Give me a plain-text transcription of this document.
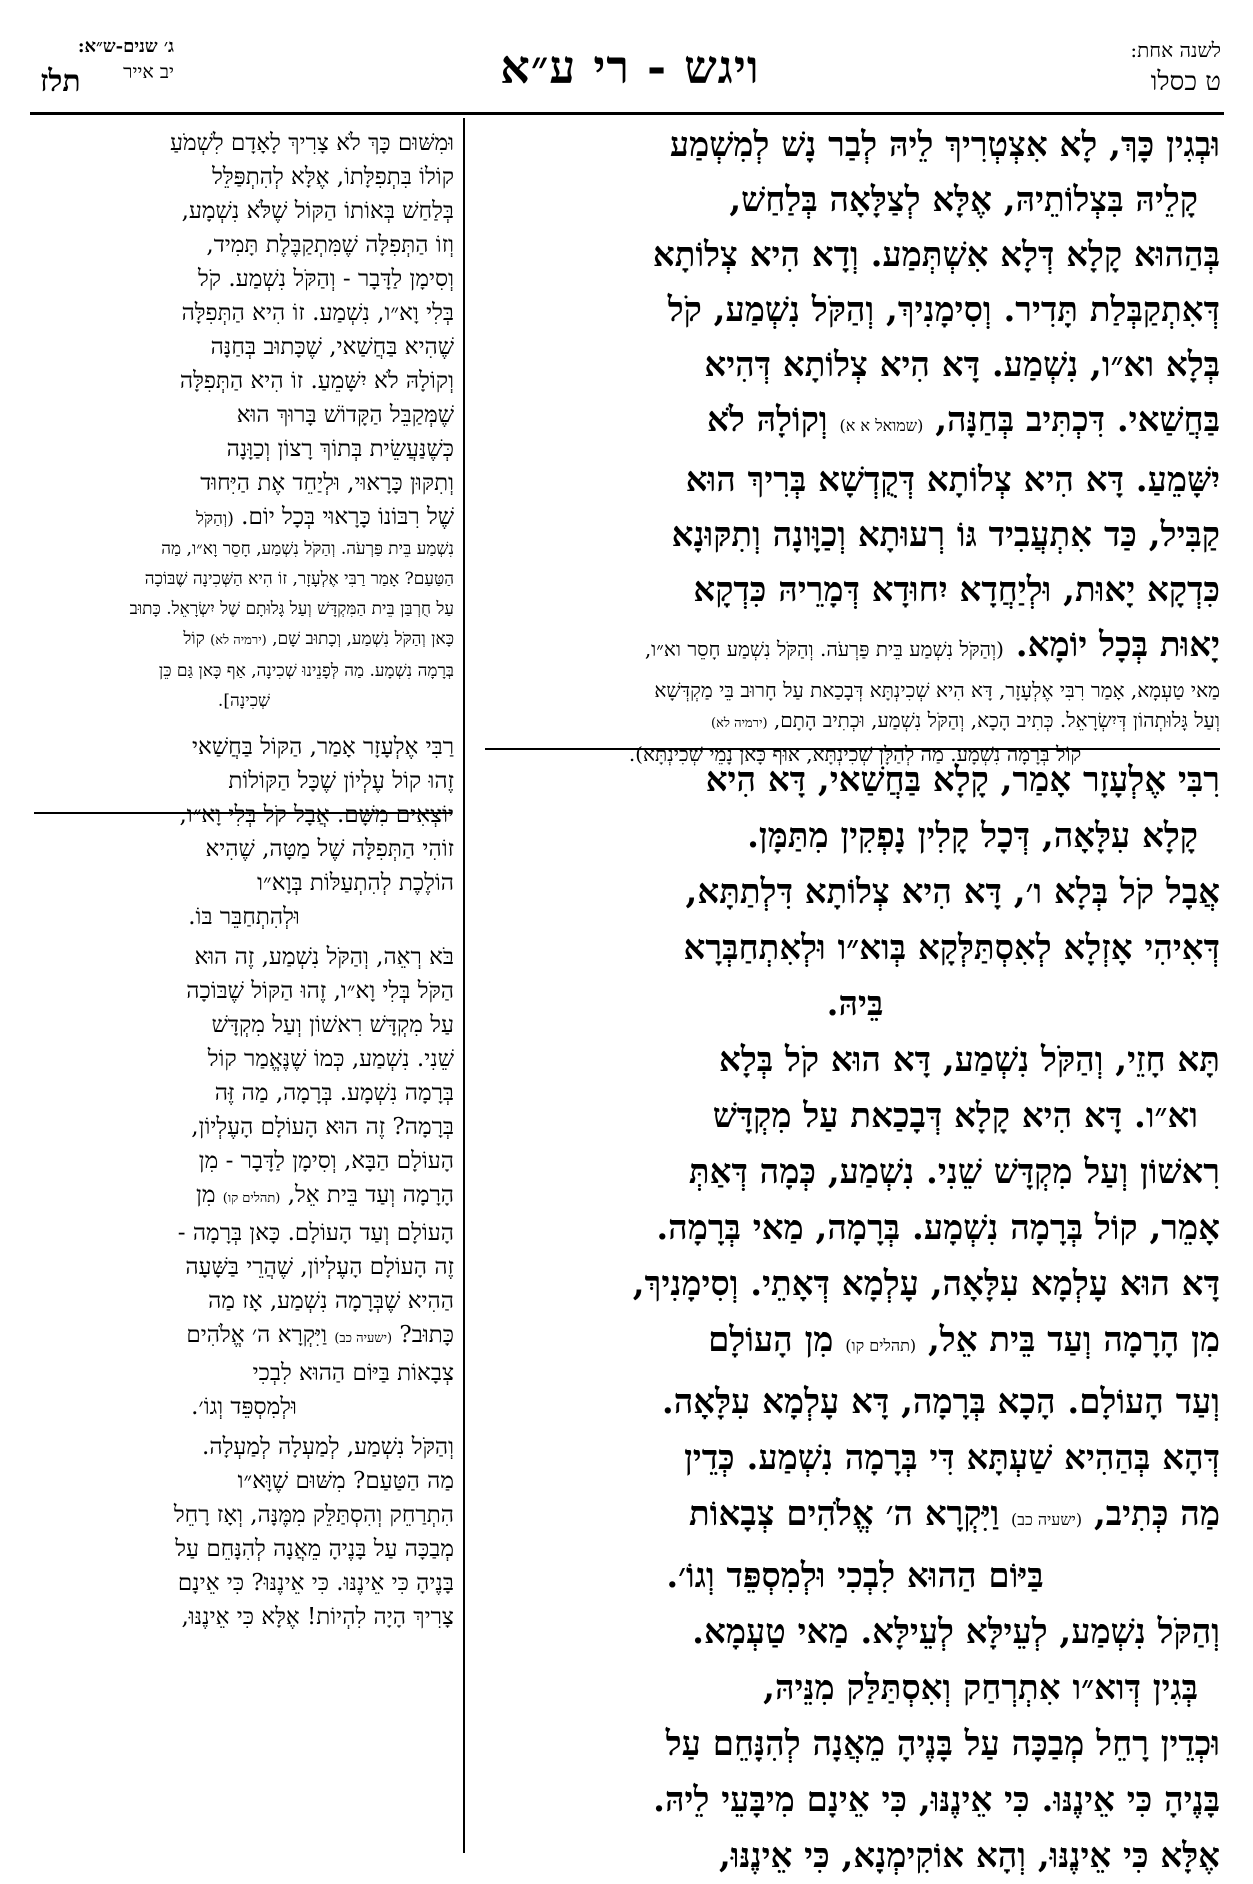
תלז
ג׳ שנים-ש״א:
יב אייר	ויגש - רי ע״א	לשנה אחת:
ט כסלו

וּבְגִין כָּךְ, לָא אִצְטְרִיךְ לֵיהּ לְבַר נָשׁ לְמִשְׁמַע

קָלֵיהּ בִּצְלוֹתֵיהּ, אֶלָּא לְצַלָּאָה בְּלַחַשׁ,

בְּהַהוּא קָלָא דְּלָא אִשְׁתְּמַע. וְדָא הִיא צְלוֹתָא

דְּאִתְקַבְּלַת תָּדִיר. וְסִימָנִיךְ, וְהַקֹּל נִשְׁמַע, קֹל

בְּלָא וא״ו, נִשְׁמַע. דָּא הִיא צְלוֹתָא דְּהִיא

בַּחֲשַׁאי. דִּכְתִּיב בְּחַנָּה, (שמואל א א) וְקוֹלָהּ לֹא

יִשָּׁמֵעַ. דָּא הִיא צְלוֹתָא דְּקֻדְשָׁא בְּרִיךְ הוּא

קַבִּיל, כַּד אִתְעֲבִיד גּוֹ רְעוּתָא וְכַוָּונָה וְתִקּוּנָא

כִּדְקָא יָאוּת, וּלְיַחֲדָא יִחוּדָא דְּמָרֵיהּ כִּדְקָא

יָאוּת בְּכָל יוֹמָא. (וְהַקֹּל נִשְׁמַע בֵּית פַּרְעֹה. וְהַקֹּל נִשְׁמַע חָסֵר וא״ו,

מַאי טַעְמָא, אָמַר רִבִּי אֶלְעָזָר, דָּא הִיא שְׁכִינְתָּא דְּבָכַאת עַל חָרוּב בֵּי מַקְדְּשָׁא
וְעַל גָּלוּתְהוֹן דְּיִשְׂרָאֵל. כְּתִיב הָכָא, וְהַקֹּל נִשְׁמַע, וּכְתִיב הָתָם, (ירמיה לא)
קוֹל בְּרָמָה נִשְׁמָע. מַה לְהַלָּן שְׁכִינְתָּא, אוּף כָּאן נָמֵי שְׁכִינְתָּא).

רִבִּי אֶלְעָזָר אָמַר, קָלָא בַּחֲשַׁאי, דָּא הִיא

קָלָא עִלָּאָה, דְּכָל קָלִין נָפְקִין מִתַּמָּן.

אֲבָל קֹל בְּלָא ו׳, דָּא הִיא צְלוֹתָא דִּלְתַתָּא,

דְּאִיהִי אָזְלָא לְאִסְתַּלְּקָא בְּוא״ו וּלְאִתְחַבְּרָא

בֵּיהּ.

תָּא חָזֵי, וְהַקֹּל נִשְׁמַע, דָּא הוּא קֹל בְּלָא

וא״ו. דָּא הִיא קָלָא דְּבָכַאת עַל מִקְדָּשׁ

רִאשׁוֹן וְעַל מִקְדָּשׁ שֵׁנִי. נִשְׁמַע, כְּמָה דְּאַתְּ

אָמֵר, קוֹל בְּרָמָה נִשְׁמָע. בְּרָמָה, מַאי בְּרָמָה.

דָּא הוּא עָלְמָא עִלָּאָה, עָלְמָא דְּאָתֵי. וְסִימָנִיךְ,

מִן הָרָמָה וְעַד בֵּית אֵל, (תהלים קו) מִן הָעוֹלָם

וְעַד הָעוֹלָם. הָכָא בְּרָמָה, דָּא עָלְמָא עִלָּאָה.

דְּהָא בְּהַהִיא שַׁעְתָּא דִּי בְּרָמָה נִשְׁמַע. כְּדֵין

מַה כְּתִיב, (ישעיה כב) וַיִּקְרָא ה׳ אֱלֹהִים צְבָאוֹת

בַּיּוֹם הַהוּא לִבְכִי וּלְמִסְפֵּד וְגוֹ׳.

וְהַקֹּל נִשְׁמַע, לְעֵילָּא לְעֵילָּא. מַאי טַעְמָא.

בְּגִין דְּוא״ו אִתְרְחַק וְאִסְתַּלַּק מִנֵּיהּ,

וּכְדֵין רָחֵל מְבַכָּה עַל בָּנֶיהָ מֵאֲנָה לְהִנָּחֵם עַל

בָּנֶיהָ כִּי אֵינֶנּוּ. כִּי אֵינֶנּוּ, כִּי אֵינָם מִיבָּעֵי לֵיהּ.

אֶלָּא כִּי אֵינֶנּוּ, וְהָא אוֹקִימְנָא, כִּי אֵינֶנּוּ,

וּמִשּׁוּם כָּךְ לֹא צָרִיךְ לָאָדָם לִשְׁמֹעַ

קוֹלוֹ בִּתְפִלָּתוֹ, אֶלָּא לְהִתְפַּלֵּל

בְּלַחַשׁ בְּאוֹתוֹ הַקּוֹל שֶׁלֹּא נִשְׁמָע,

וְזוֹ הַתְּפִלָּה שֶׁמִּתְקַבֶּלֶת תָּמִיד,

וְסִימָן לַדָּבָר - וְהַקֹּל נִשְׁמַע. קֹל

בְּלִי וָא״ו, נִשְׁמַע. זוֹ הִיא הַתְּפִלָּה

שֶׁהִיא בַּחֲשַׁאי, שֶׁכָּתוּב בְּחַנָּה

וְקוֹלָהּ לֹא יִשָּׁמֵעַ. זוֹ הִיא הַתְּפִלָּה

שֶׁמְּקַבֵּל הַקָּדוֹשׁ בָּרוּךְ הוּא

כְּשֶׁנַּעֲשֵׂית בְּתוֹךְ רָצוֹן וְכַוָּנָה

וְתִקּוּן כָּרָאוּי, וּלְיַחֵד אֶת הַיִּחוּד

שֶׁל רִבּוֹנוֹ כָּרָאוּי בְּכָל יוֹם. (וְהַקֹּל

נִשְׁמַע בֵּית פַּרְעֹה. וְהַקֹּל נִשְׁמַע, חָסֵר וָא״ו, מַה
הַטַּעַם? אָמַר רַבִּי אֶלְעָזָר, זוֹ הִיא הַשְּׁכִינָה שֶׁבּוֹכָה
עַל חֻרְבַּן בֵּית הַמִּקְדָּשׁ וְעַל גָּלוּתָם שֶׁל יִשְׂרָאֵל. כָּתוּב
כָּאן וְהַקֹּל נִשְׁמַע, וְכָתוּב שָׁם, (ירמיה לא) קוֹל
בְּרָמָה נִשְׁמָע. מַה לְּפָנֵינוּ שְׁכִינָה, אַף כָּאן גַּם כֵּן
שְׁכִינָה].

רַבִּי אֶלְעָזָר אָמַר, הַקּוֹל בַּחֲשַׁאי

זֶהוּ קוֹל עֶלְיוֹן שֶׁכָּל הַקּוֹלוֹת

יוֹצְאִים מִשָּׁם. אֲבָל קֹל בְּלִי וָא״ו,

זוֹהִי הַתְּפִלָּה שֶׁל מַטָּה, שֶׁהִיא

הוֹלֶכֶת לְהִתְעַלּוֹת בְּוָא״ו

וּלְהִתְחַבֵּר בּוֹ.

בֹּא רְאֵה, וְהַקֹּל נִשְׁמַע, זֶה הוּא

הַקֹּל בְּלִי וָא״ו, זֶהוּ הַקּוֹל שֶׁבּוֹכָה

עַל מִקְדָּשׁ רִאשׁוֹן וְעַל מִקְדָּשׁ

שֵׁנִי. נִשְׁמַע, כְּמוֹ שֶׁנֶּאֱמַר קוֹל

בְּרָמָה נִשְׁמָע. בְּרָמָה, מַה זֶּה

בְּרָמָה? זֶה הוּא הָעוֹלָם הָעֶלְיוֹן,

הָעוֹלָם הַבָּא, וְסִימָן לַדָּבָר - מִן

הָרָמָה וְעַד בֵּית אֵל, (תהלים קו) מִן

הָעוֹלָם וְעַד הָעוֹלָם. כָּאן בְּרָמָה -

זֶה הָעוֹלָם הָעֶלְיוֹן, שֶׁהֲרֵי בַּשָּׁעָה

הַהִיא שֶׁבְּרָמָה נִשְׁמַע, אָז מַה

כָּתוּב? (ישעיה כב) וַיִּקְרָא ה׳ אֱלֹהִים

צְבָאוֹת בַּיּוֹם הַהוּא לִבְכִי

וּלְמִסְפֵּד וְגוֹ׳.

וְהַקֹּל נִשְׁמַע, לְמַעְלָה לְמַעְלָה.

מַה הַטַּעַם? מִשּׁוּם שֶׁוָּא״ו

הִתְרַחֵק וְהִסְתַּלֵּק מִמֶּנָּה, וְאָז רָחֵל

מְבַכָּה עַל בָּנֶיהָ מֵאֲנָה לְהִנָּחֵם עַל

בָּנֶיהָ כִּי אֵינֶנּוּ. כִּי אֵינֶנּוּ? כִּי אֵינָם

צָרִיךְ הָיָה לִהְיוֹת! אֶלָּא כִּי אֵינֶנּוּ,
